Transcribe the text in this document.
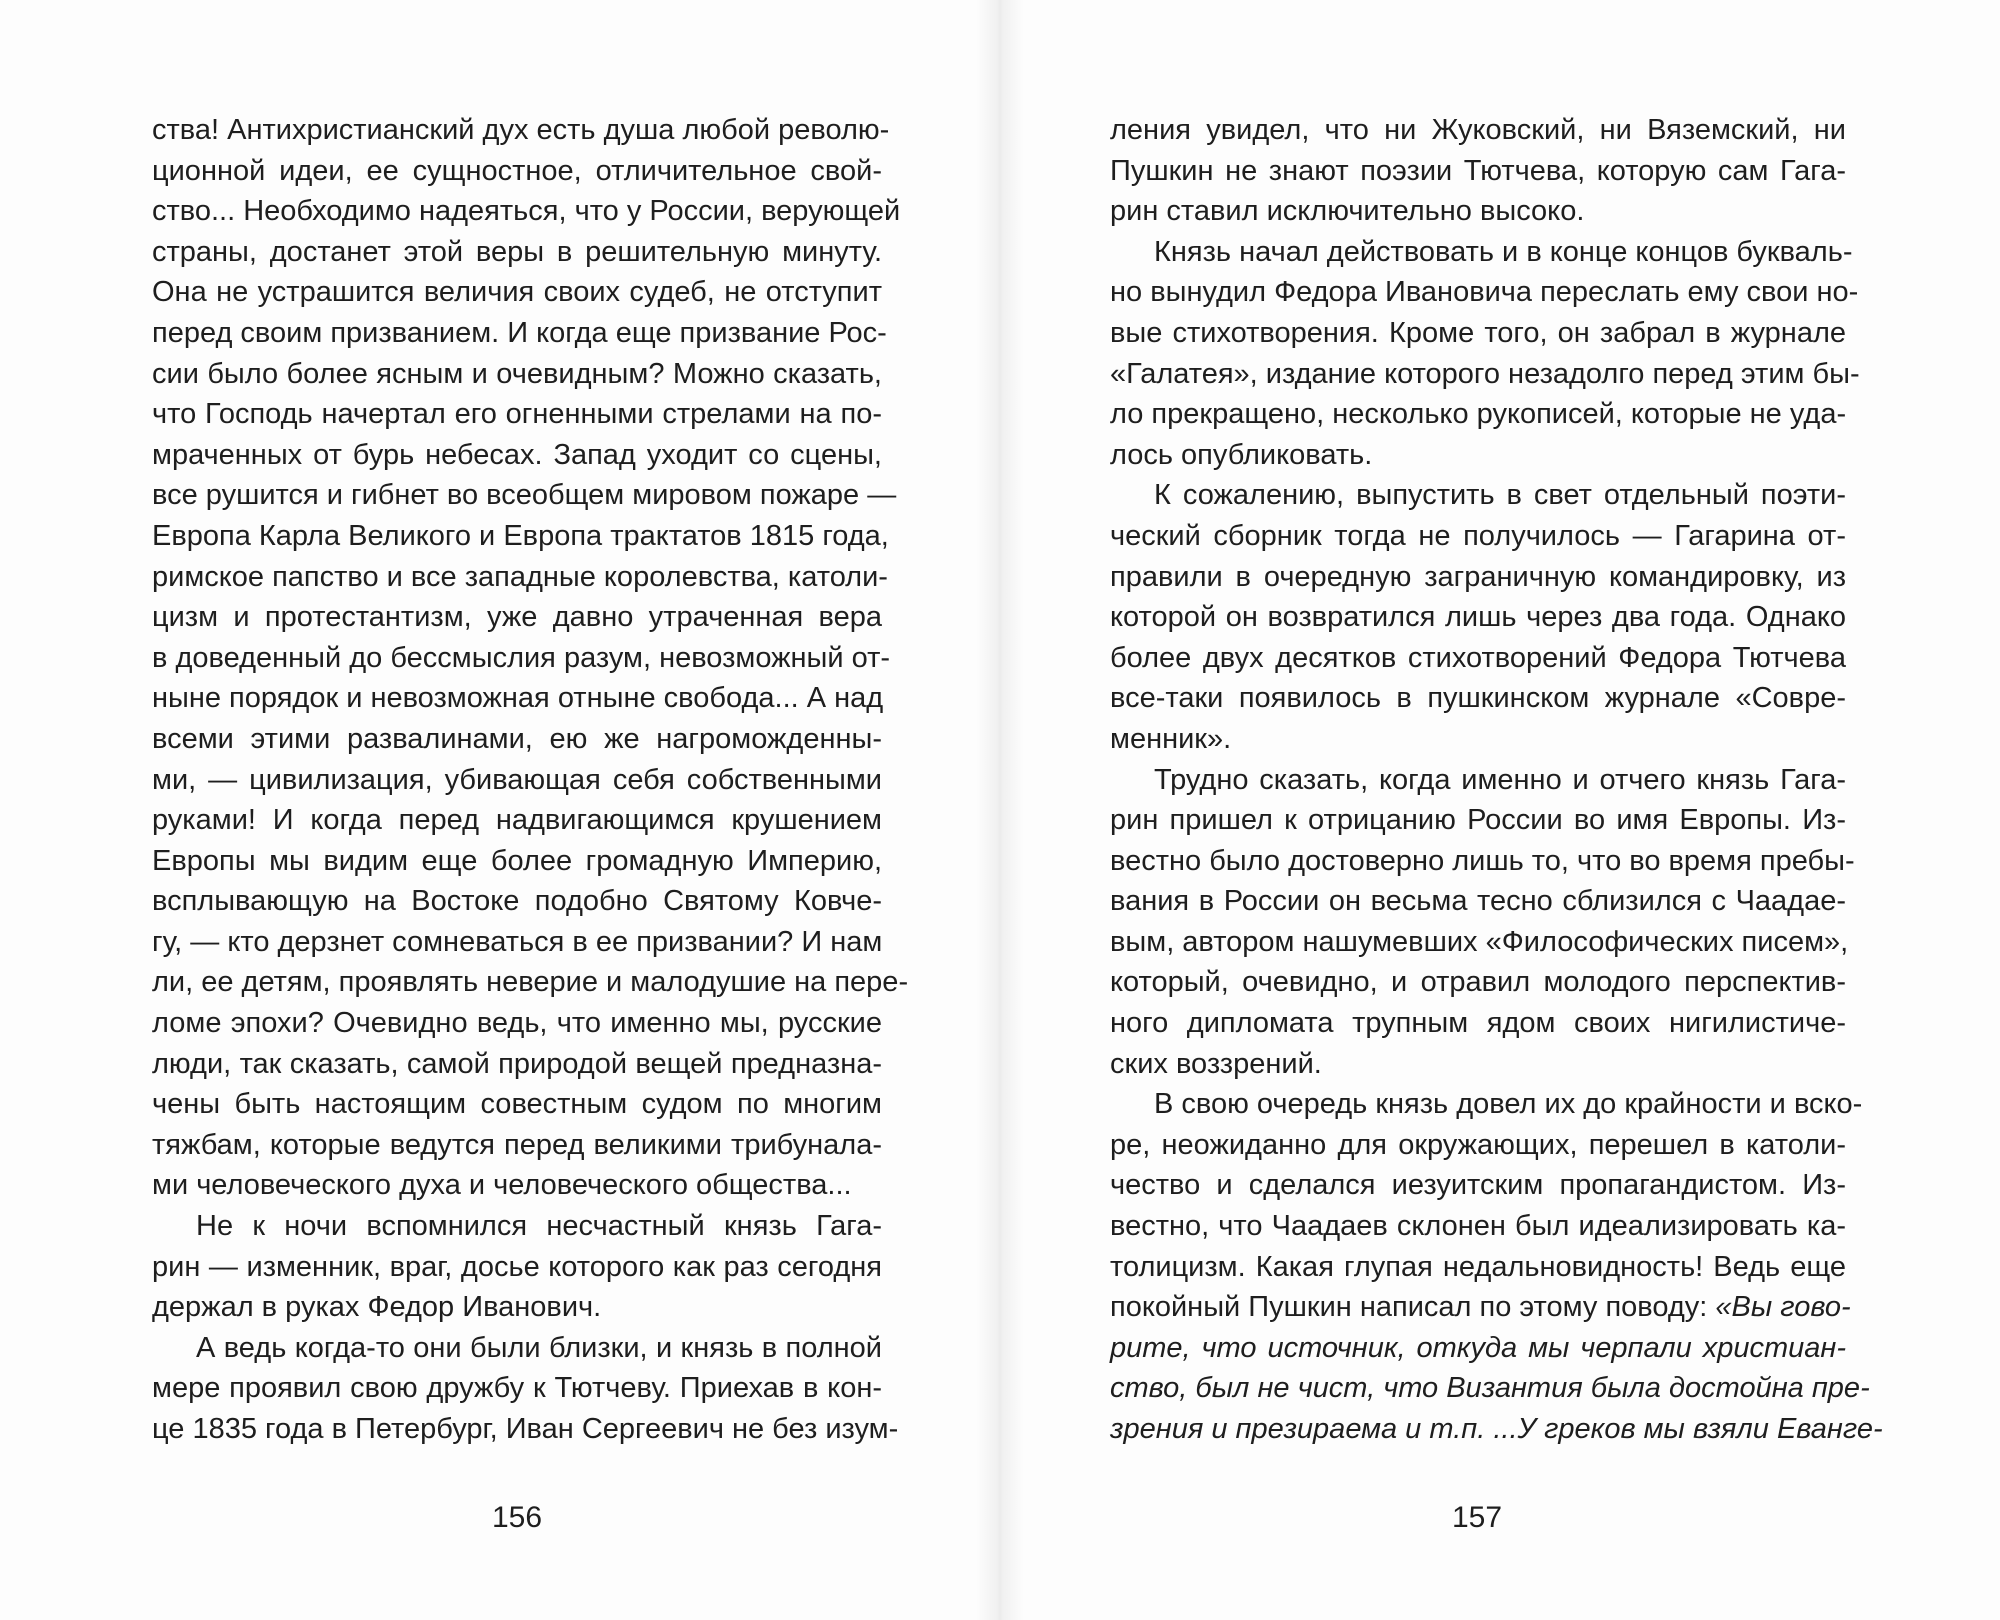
ства! Антихристианский дух есть душа любой револю-
ционной идеи, ее сущностное, отличительное свой-
ство... Необходимо надеяться, что у России, верующей
страны, достанет этой веры в решительную минуту.
Она не устрашится величия своих судеб, не отступит
перед своим призванием. И когда еще призвание Рос-
сии было более ясным и очевидным? Можно сказать,
что Господь начертал его огненными стрелами на по-
мраченных от бурь небесах. Запад уходит со сцены,
все рушится и гибнет во всеобщем мировом пожаре —
Европа Карла Великого и Европа трактатов 1815 года,
римское папство и все западные королевства, католи-
цизм и протестантизм, уже давно утраченная вера
в доведенный до бессмыслия разум, невозможный от-
ныне порядок и невозможная отныне свобода... А над
всеми этими развалинами, ею же нагроможденны-
ми, — цивилизация, убивающая себя собственными
руками! И когда перед надвигающимся крушением
Европы мы видим еще более громадную Империю,
всплывающую на Востоке подобно Святому Ковче-
гу, — кто дерзнет сомневаться в ее призвании? И нам
ли, ее детям, проявлять неверие и малодушие на пере-
ломе эпохи? Очевидно ведь, что именно мы, русские
люди, так сказать, самой природой вещей предназна-
чены быть настоящим совестным судом по многим
тяжбам, которые ведутся перед великими трибунала-
ми человеческого духа и человеческого общества...
Не к ночи вспомнился несчастный князь Гага-
рин — изменник, враг, досье которого как раз сегодня
держал в руках Федор Иванович.
А ведь когда-то они были близки, и князь в полной
мере проявил свою дружбу к Тютчеву. Приехав в кон-
це 1835 года в Петербург, Иван Сергеевич не без изум-
ления увидел, что ни Жуковский, ни Вяземский, ни
Пушкин не знают поэзии Тютчева, которую сам Гага-
рин ставил исключительно высоко.
Князь начал действовать и в конце концов букваль-
но вынудил Федора Ивановича переслать ему свои но-
вые стихотворения. Кроме того, он забрал в журнале
«Галатея», издание которого незадолго перед этим бы-
ло прекращено, несколько рукописей, которые не уда-
лось опубликовать.
К сожалению, выпустить в свет отдельный поэти-
ческий сборник тогда не получилось — Гагарина от-
правили в очередную заграничную командировку, из
которой он возвратился лишь через два года. Однако
более двух десятков стихотворений Федора Тютчева
все-таки появилось в пушкинском журнале «Совре-
менник».
Трудно сказать, когда именно и отчего князь Гага-
рин пришел к отрицанию России во имя Европы. Из-
вестно было достоверно лишь то, что во время пребы-
вания в России он весьма тесно сблизился с Чаадае-
вым, автором нашумевших «Философических писем»,
который, очевидно, и отравил молодого перспектив-
ного дипломата трупным ядом своих нигилистиче-
ских воззрений.
В свою очередь князь довел их до крайности и вско-
ре, неожиданно для окружающих, перешел в католи-
чество и сделался иезуитским пропагандистом. Из-
вестно, что Чаадаев склонен был идеализировать ка-
толицизм. Какая глупая недальновидность! Ведь еще
покойный Пушкин написал по этому поводу: «Вы гово-
рите, что источник, откуда мы черпали христиан-
ство, был не чист, что Византия была достойна пре-
зрения и презираема и т.п. ...У греков мы взяли Еванге-
156	157
